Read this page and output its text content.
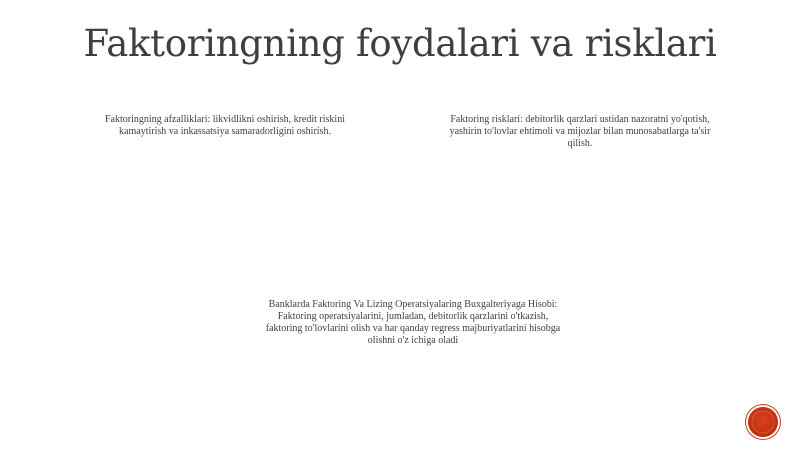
Faktoringning foydalari va risklari
Faktoringning afzalliklari: likvidlikni oshirish, kredit riskini
kamaytirish va inkassatsiya samaradorligini oshirish.
Faktoring risklari: debitorlik qarzlari ustidan nazoratni yo'qotish,
yashirin to'lovlar ehtimoli va mijozlar bilan munosabatlarga ta'sir
qilish.
Banklarda Faktoring Va Lizing Operatsiyalaring Buxgalteriyaga Hisobi:
Faktoring operatsiyalarini, jumladan, debitorlik qarzlarini o'tkazish,
faktoring to'lovlarini olish va har qanday regress majburiyatlarini hisobga
olishni o'z ichiga oladi
